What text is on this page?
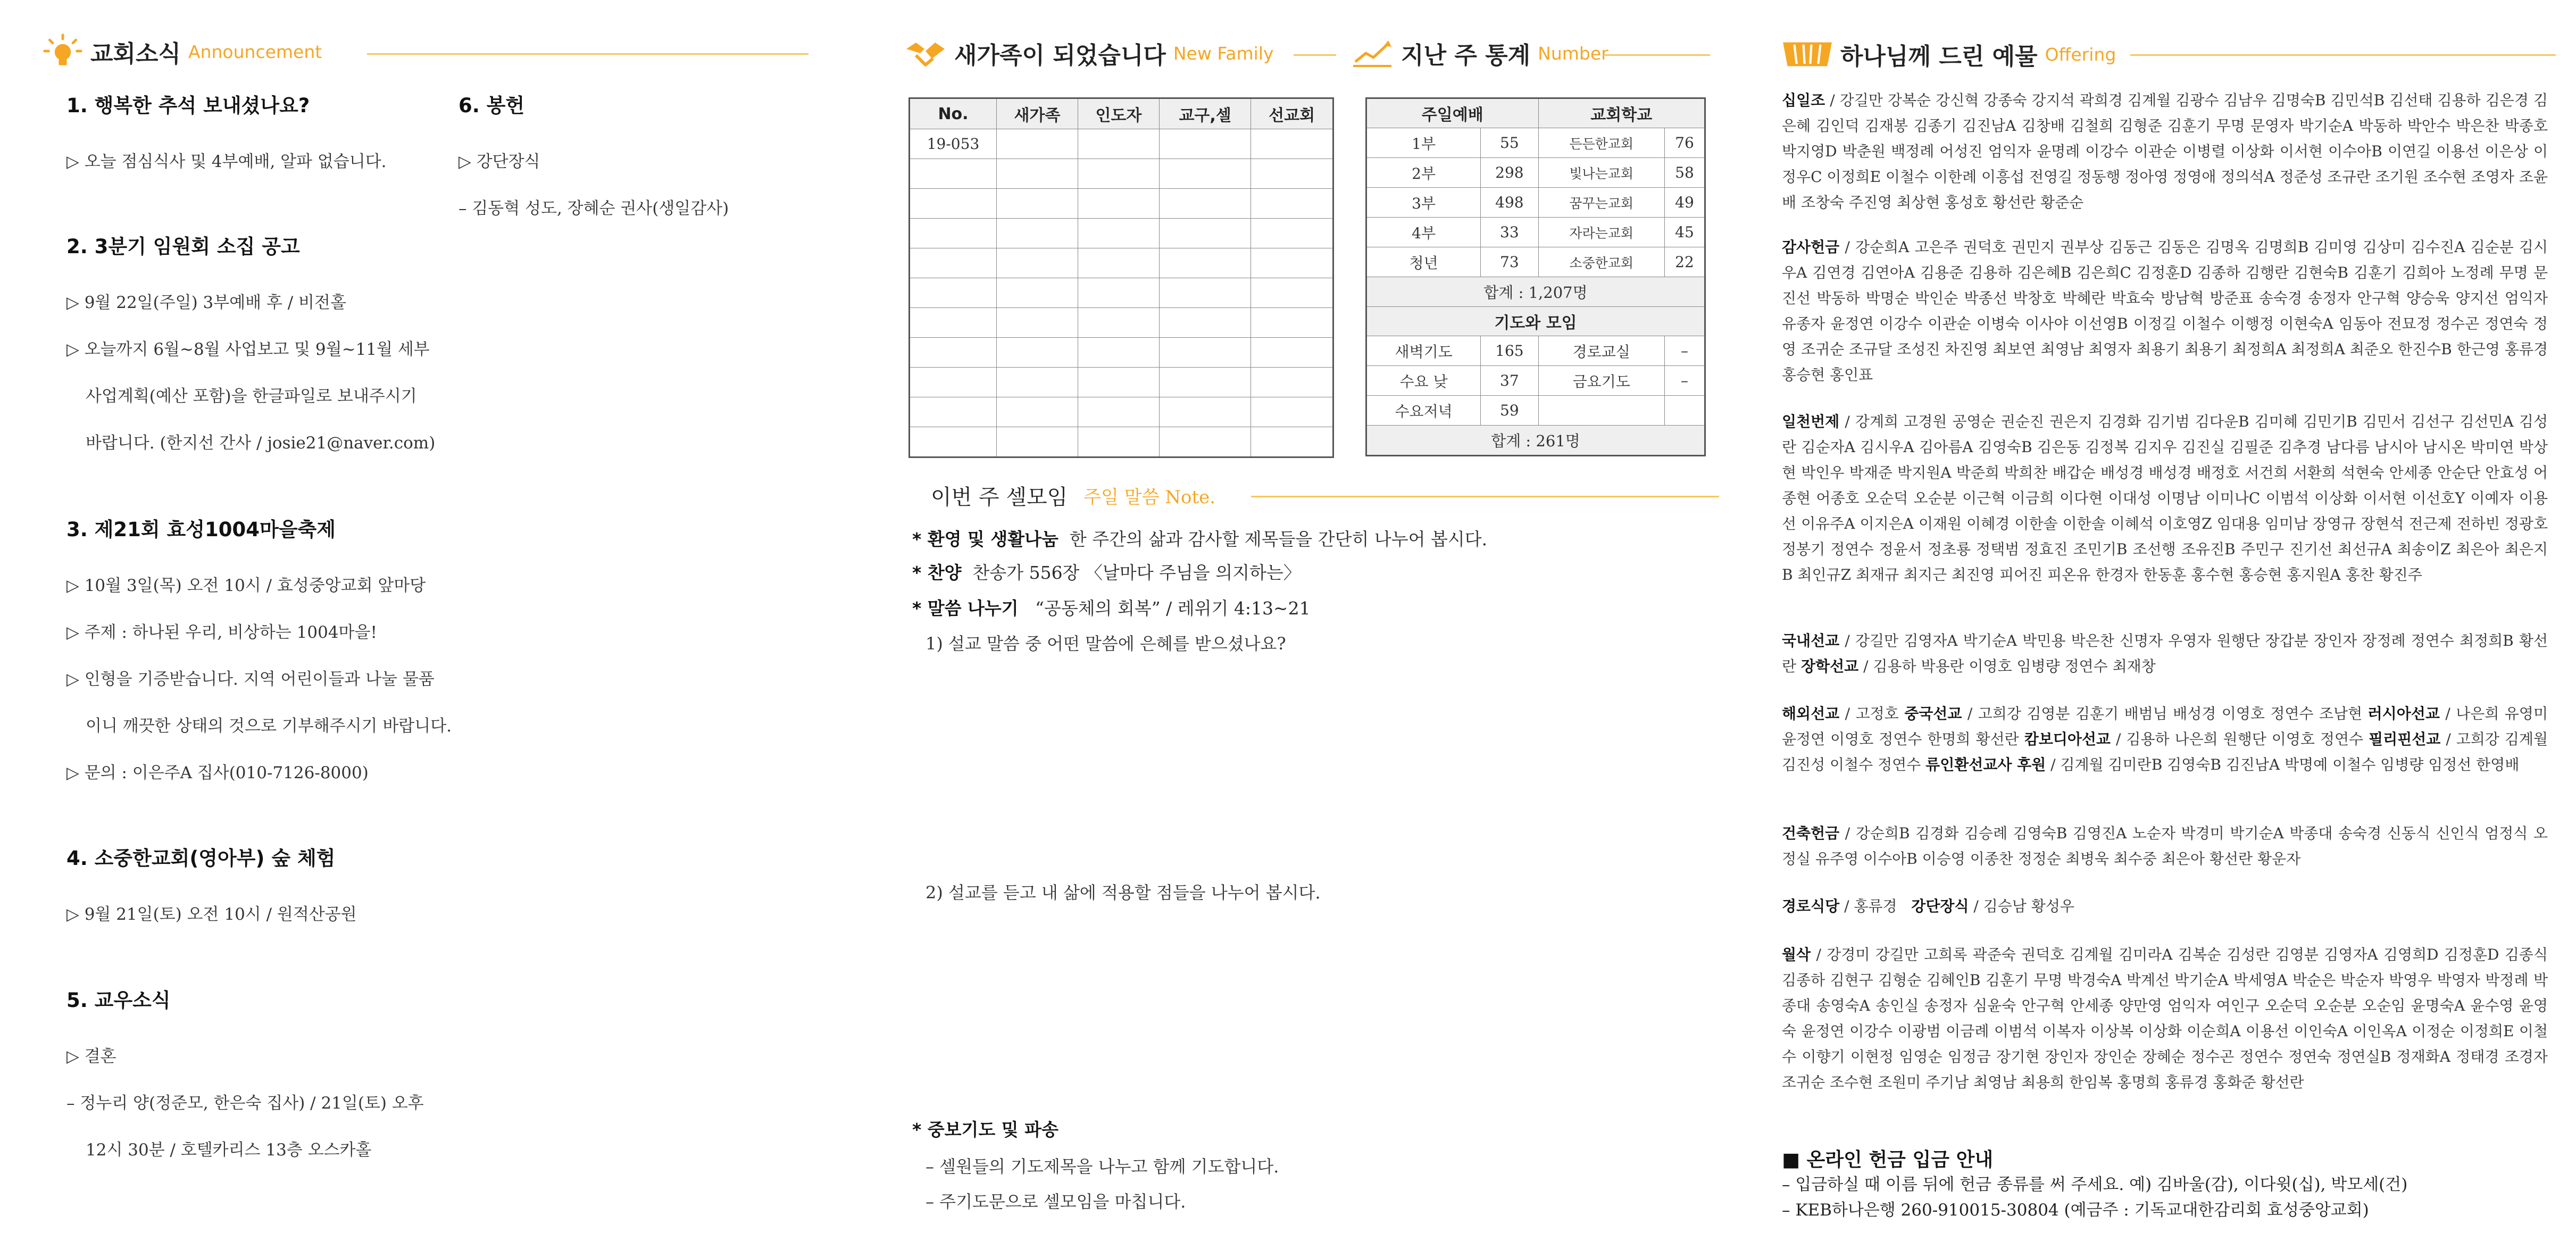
교회소식 Announcement
1. 행복한 추석 보내셨나요?
▷ 오늘 점심식사 및 4부예배, 알파 없습니다.
2. 3분기 임원회 소집 공고
▷ 9월 22일(주일) 3부예배 후 / 비전홀
▷ 오늘까지 6월~8월 사업보고 및 9월~11월 세부
사업계획(예산 포함)을 한글파일로 보내주시기
바랍니다. (한지선 간사 / josie21@naver.com)
3. 제21회 효성1004마을축제
▷ 10월 3일(목) 오전 10시 / 효성중앙교회 앞마당
▷ 주제 : 하나된 우리, 비상하는 1004마을!
▷ 인형을 기증받습니다. 지역 어린이들과 나눌 물품
이니 깨끗한 상태의 것으로 기부해주시기 바랍니다.
▷ 문의 : 이은주A 집사(010-7126-8000)
4. 소중한교회(영아부) 숲 체험
▷ 9월 21일(토) 오전 10시 / 원적산공원
5. 교우소식
▷ 결혼
– 정누리 양(정준모, 한은숙 집사) / 21일(토) 오후
12시 30분 / 호텔카리스 13층 오스카홀
6. 봉헌
▷ 강단장식
– 김동혁 성도, 장혜순 권사(생일감사)
새가족이 되었습니다 New Family	지난 주 통계 Number
No.	새가족	인도자	교구,셀	선교회
19-053				

주일예배		교회학교	
1부	55	든든한교회	76
2부	298	빛나는교회	58
3부	498	꿈꾸는교회	49
4부	33	자라는교회	45
청년	73	소중한교회	22
합계 : 1,207명			
기도와 모임			
새벽기도	165	경로교실	–
수요 낮	37	금요기도	–
수요저녁	59		
합계 : 261명			
이번 주 셀모임 주일 말씀 Note.
* 환영 및 생활나눔 한 주간의 삶과 감사할 제목들을 간단히 나누어 봅시다.
* 찬양 찬송가 556장 〈날마다 주님을 의지하는〉
* 말씀 나누기 “공동체의 회복” / 레위기 4:13~21
1) 설교 말씀 중 어떤 말씀에 은혜를 받으셨나요?
2) 설교를 듣고 내 삶에 적용할 점들을 나누어 봅시다.
* 중보기도 및 파송
– 셀원들의 기도제목을 나누고 함께 기도합니다.
– 주기도문으로 셀모임을 마칩니다.
하나님께 드린 예물 Offering
십일조 / 강길만 강복순 강신혁 강종숙 강지석 곽희경 김계월 김광수 김남우 김명숙B 김민석B 김선태 김용하 김은경 김은혜 김인덕 김재봉 김종기 김진남A 김창배 김철희 김형준 김훈기 무명 문영자 박기순A 박동하 박안수 박은찬 박종호 박지영D 박춘원 백정례 어성진 엄익자 윤명례 이강수 이관순 이병렬 이상화 이서현 이수아B 이연길 이용선 이은상 이정우C 이정희E 이철수 이한례 이흥섭 전영길 정동행 정아영 정영애 정의석A 정준성 조규란 조기원 조수현 조영자 조윤배 조창숙 주진영 최상현 홍성호 황선란 황준순
감사헌금 / 강순희A 고은주 권덕호 권민지 권부상 김동근 김동은 김명옥 김명희B 김미영 김상미 김수진A 김순분 김시우A 김연경 김연아A 김용준 김용하 김은혜B 김은희C 김정훈D 김종하 김행란 김현숙B 김훈기 김희아 노정례 무명 문진선 박동하 박명순 박인순 박종선 박창호 박혜란 박효숙 방남혁 방준표 송숙경 송정자 안구혁 양승욱 양지선 엄익자 유종자 윤정연 이강수 이관순 이병숙 이사야 이선영B 이정길 이철수 이행정 이현숙A 임동아 전묘정 정수곤 정연숙 정영 조귀순 조규달 조성진 차진영 최보연 최영남 최영자 최용기 최용기 최정희A 최정희A 최준오 한진수B 한근영 홍류경 홍승현 홍인표
일천번제 / 강계희 고경원 공영순 권순진 권은지 김경화 김기범 김다운B 김미혜 김민기B 김민서 김선구 김선민A 김성란 김순자A 김시우A 김아름A 김영숙B 김은동 김정복 김지우 김진실 김필준 김추경 남다름 남시아 남시온 박미연 박상현 박인우 박재준 박지원A 박준희 박희찬 배갑순 배성경 배성경 배정호 서건희 서환희 석현숙 안세종 안순단 안효성 어종현 어종호 오순덕 오순분 이근혁 이금희 이다현 이대성 이명남 이미나C 이범석 이상화 이서현 이선호Y 이예자 이용선 이유주A 이지은A 이재원 이혜경 이한솔 이한솔 이혜석 이호영Z 임대용 임미남 장영규 장현석 전근제 전하빈 정광호 정봉기 정연수 정윤서 정초룡 정택범 정효진 조민기B 조선행 조유진B 주민구 진기선 최선규A 최송이Z 최은아 최은지B 최인규Z 최재규 최지근 최진영 피어진 피온유 한경자 한동훈 홍수현 홍승현 홍지원A 홍찬 황진주
국내선교 / 강길만 김영자A 박기순A 박민용 박은찬 신명자 우영자 원행단 장갑분 장인자 장정례 정연수 최정희B 황선란 장학선교 / 김용하 박용란 이영호 임병량 정연수 최재창
해외선교 / 고정호 중국선교 / 고희강 김영분 김훈기 배범님 배성경 이영호 정연수 조남현 러시아선교 / 나은희 유영미 윤정연 이영호 정연수 한명희 황선란 캄보디아선교 / 김용하 나은희 원행단 이영호 정연수 필리핀선교 / 고희강 김계월 김진성 이철수 정연수 류인환선교사 후원 / 김계월 김미란B 김영숙B 김진남A 박명예 이철수 임병량 임정선 한영배
건축헌금 / 강순희B 김경화 김승례 김영숙B 김영진A 노순자 박경미 박기순A 박종대 송숙경 신동식 신인식 엄정식 오정실 유주영 이수아B 이승영 이종찬 정정순 최병욱 최수중 최은아 황선란 황운자
경로식당 / 홍류경 강단장식 / 김승남 황성우
월삭 / 강경미 강길만 고희록 곽준숙 권덕호 김계월 김미라A 김복순 김성란 김영분 김영자A 김영희D 김정훈D 김종식 김종하 김현구 김형순 김혜인B 김훈기 무명 박경숙A 박계선 박기순A 박세영A 박순은 박순자 박영우 박영자 박정례 박종대 송영숙A 송인실 송정자 심윤숙 안구혁 안세종 양만영 엄익자 여인구 오순덕 오순분 오순임 윤명숙A 윤수영 윤영숙 윤정연 이강수 이광범 이금례 이범석 이복자 이상복 이상화 이순희A 이용선 이인숙A 이인옥A 이정순 이정희E 이철수 이향기 이현정 임영순 임정금 장기현 장인자 장인순 장혜순 정수곤 정연수 정연숙 정연실B 정재화A 정태경 조경자 조귀순 조수현 조원미 주기남 최영남 최용희 한임복 홍명희 홍류경 홍화준 황선란
■ 온라인 헌금 입금 안내
– 입금하실 때 이름 뒤에 헌금 종류를 써 주세요. 예) 김바울(감), 이다윗(십), 박모세(건)
– KEB하나은행 260-910015-30804 (예금주 : 기독교대한감리회 효성중앙교회)
